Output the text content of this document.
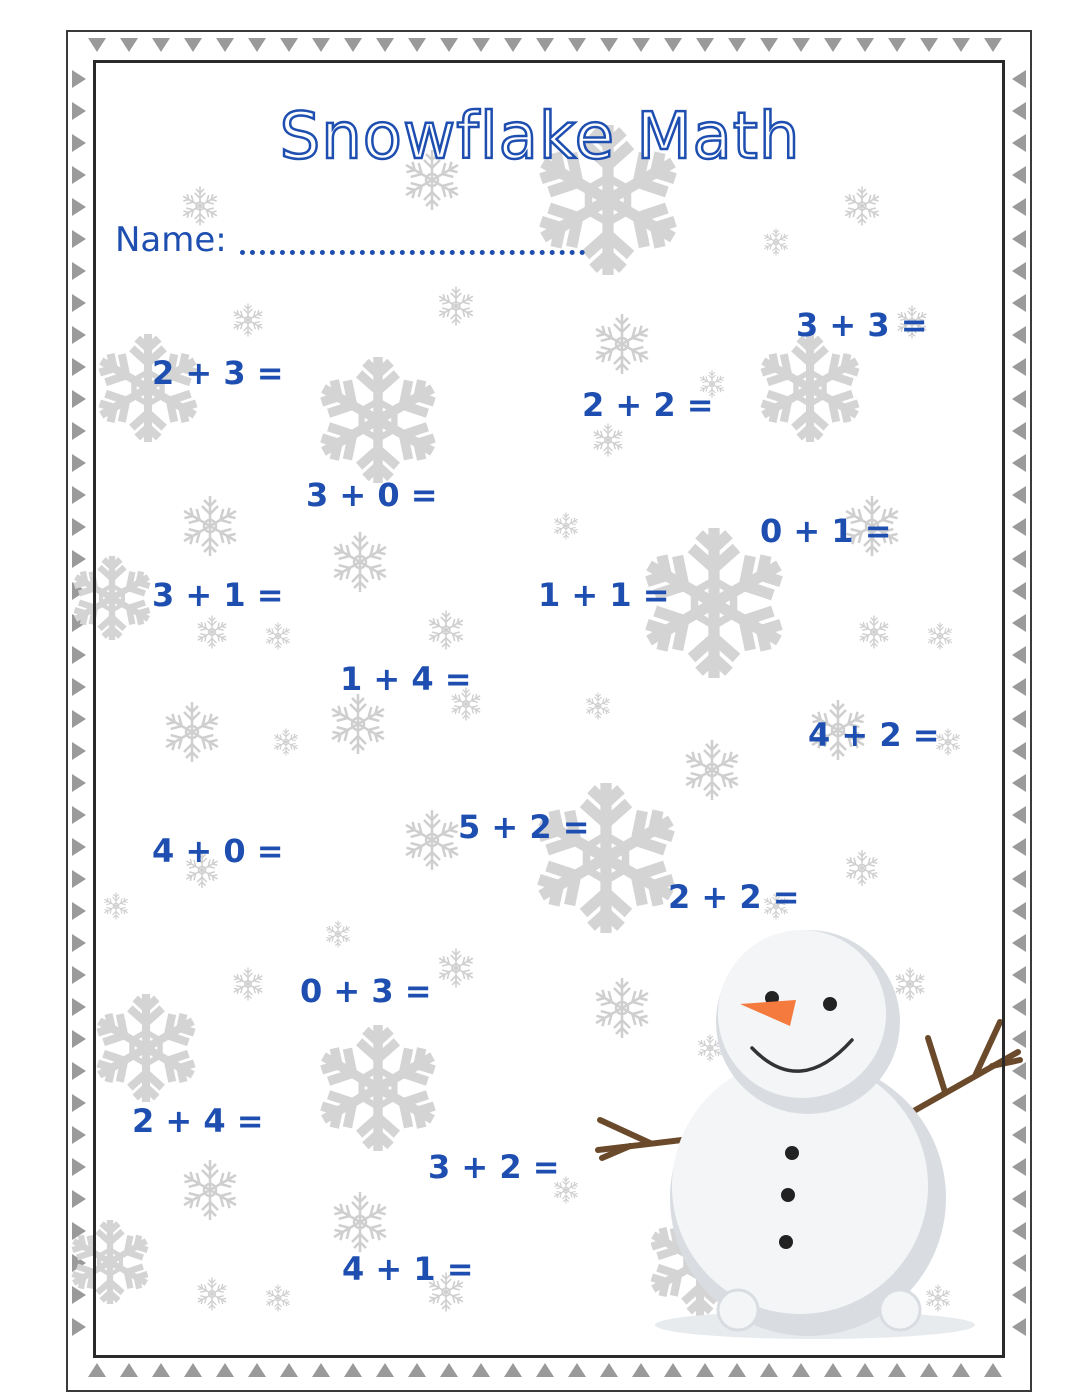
Snowflake Math
Name:
3 + 3 =
2 + 3 =
2 + 2 =
3 + 0 =
0 + 1 =
3 + 1 =	1 + 1 =
1 + 4 =
4 + 2 =
5 + 2 =
4 + 0 =
2 + 2 =
0 + 3 =
2 + 4 =
3 + 2 =
4 + 1 =
